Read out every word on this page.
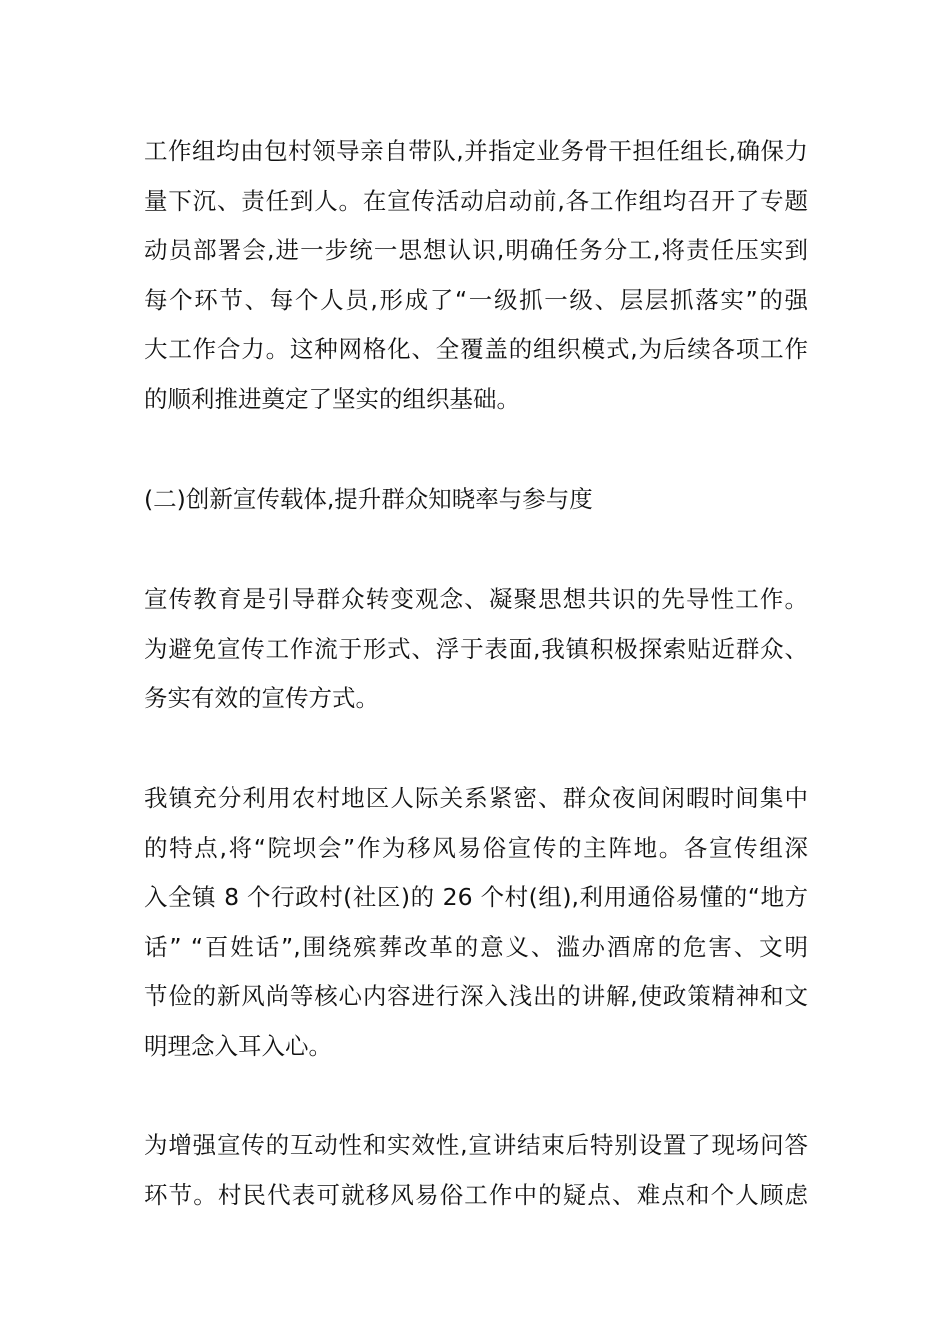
工作组均由包村领导亲自带队,并指定业务骨干担任组长,确保力
量下沉、责任到人。在宣传活动启动前,各工作组均召开了专题
动员部署会,进一步统一思想认识,明确任务分工,将责任压实到
每个环节、每个人员,形成了“一级抓一级、层层抓落实”的强
大工作合力。这种网格化、全覆盖的组织模式,为后续各项工作
的顺利推进奠定了坚实的组织基础。
(二)创新宣传载体,提升群众知晓率与参与度
宣传教育是引导群众转变观念、凝聚思想共识的先导性工作。
为避免宣传工作流于形式、浮于表面,我镇积极探索贴近群众、
务实有效的宣传方式。
我镇充分利用农村地区人际关系紧密、群众夜间闲暇时间集中
的特点,将“院坝会”作为移风易俗宣传的主阵地。各宣传组深
入全镇 8 个行政村(社区)的 26 个村(组),利用通俗易懂的“地方
话” “百姓话”,围绕殡葬改革的意义、滥办酒席的危害、文明
节俭的新风尚等核心内容进行深入浅出的讲解,使政策精神和文
明理念入耳入心。
为增强宣传的互动性和实效性,宣讲结束后特别设置了现场问答
环节。村民代表可就移风易俗工作中的疑点、难点和个人顾虑
